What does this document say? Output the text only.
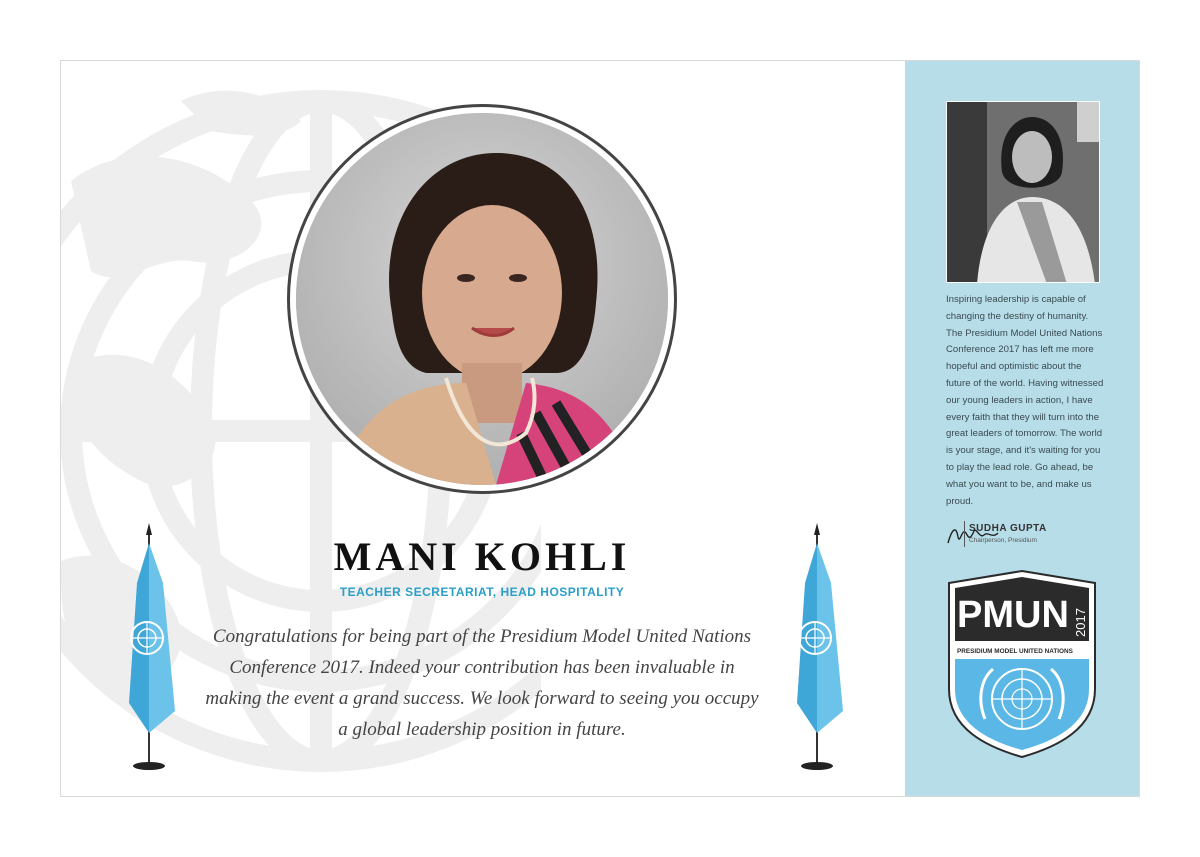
MANI KOHLI
TEACHER SECRETARIAT, HEAD HOSPITALITY
Congratulations for being part of the Presidium Model United Nations Conference 2017. Indeed your contribution has been invaluable in making the event a grand success. We look forward to seeing you occupy a global leadership position in future.
Inspiring leadership is capable of changing the destiny of humanity. The Presidium Model United Nations Conference 2017 has left me more hopeful and optimistic about the future of the world. Having witnessed our young leaders in action, I have every faith that they will turn into the great leaders of tomorrow. The world is your stage, and it's waiting for you to play the lead role. Go ahead, be what you want to be, and make us proud.
SUDHA GUPTA
Chairperson, Presidium
PMUN 2017
PRESIDIUM MODEL UNITED NATIONS
